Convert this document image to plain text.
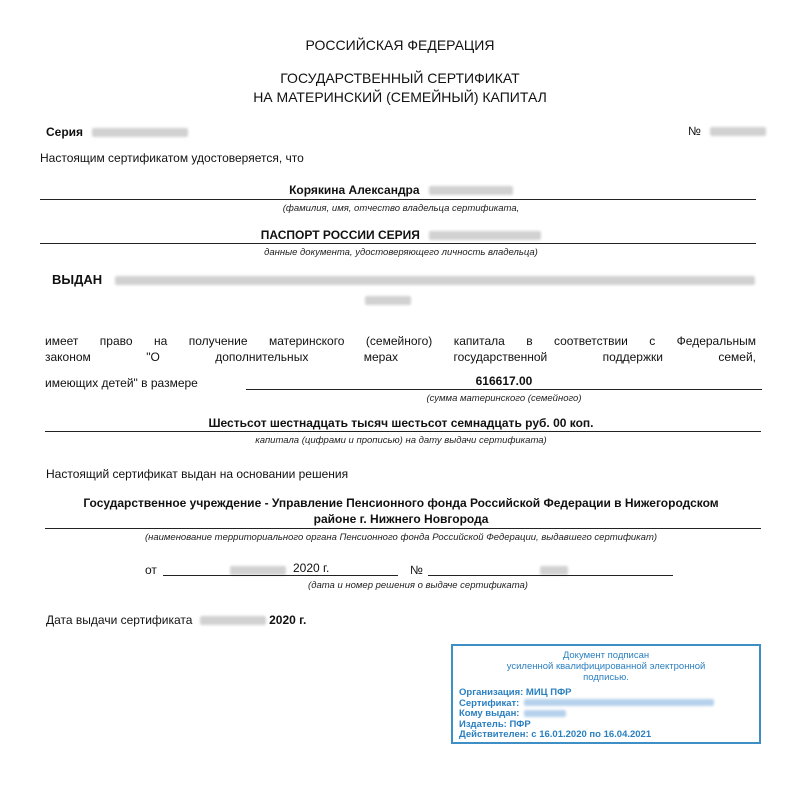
РОССИЙСКАЯ ФЕДЕРАЦИЯ
ГОСУДАРСТВЕННЫЙ СЕРТИФИКАТ
НА МАТЕРИНСКИЙ (СЕМЕЙНЫЙ) КАПИТАЛ
Серия	№
Настоящим сертификатом удостоверяется, что
Корякина Александра
(фамилия, имя, отчество владельца сертификата,
ПАСПОРТ РОССИИ СЕРИЯ
данные документа, удостоверяющего личность владельца)
ВЫДАН
имеет право на получение материнского (семейного) капитала в соответствии с Федеральным
законом "О дополнительных мерах государственной поддержки семей,
имеющих детей" в размере	616617.00
(сумма материнского (семейного)
Шестьсот шестнадцать тысяч шестьсот семнадцать руб. 00 коп.
капитала (цифрами и прописью) на дату выдачи сертификата)
Настоящий сертификат выдан на основании решения
Государственное учреждение - Управление Пенсионного фонда Российской Федерации в Нижегородском
районе г. Нижнего Новгорода
(наименование территориального органа Пенсионного фонда Российской Федерации, выдавшего сертификат)
от	2020 г.	№
(дата и номер решения о выдаче сертификата)
Дата выдачи сертификата	2020 г.
Документ подписан
усиленной квалифицированной электронной
подписью.
Организация: МИЦ ПФР
Сертификат:
Кому выдан:
Издатель: ПФР
Действителен: с 16.01.2020 по 16.04.2021
